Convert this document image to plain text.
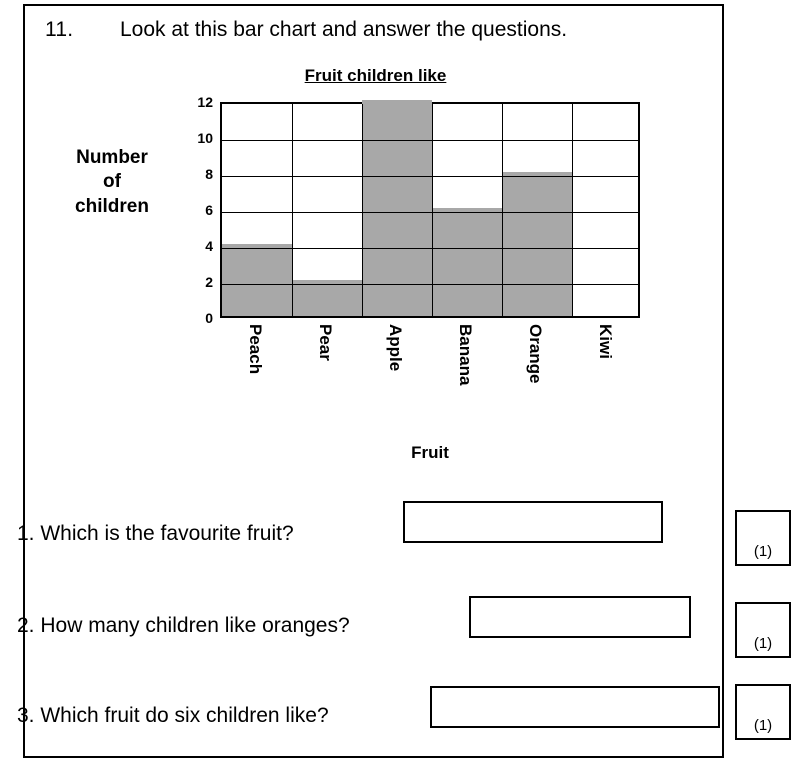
11. Look at this bar chart and answer the questions.
Fruit children like
Number
of
children
12
10
8
6
4
2
0
Peach	Pear	Apple	Banana	Orange	Kiwi
Fruit
1. Which is the favourite fruit?
2. How many children like oranges?
3. Which fruit do six children like?
(1)
(1)
(1)
